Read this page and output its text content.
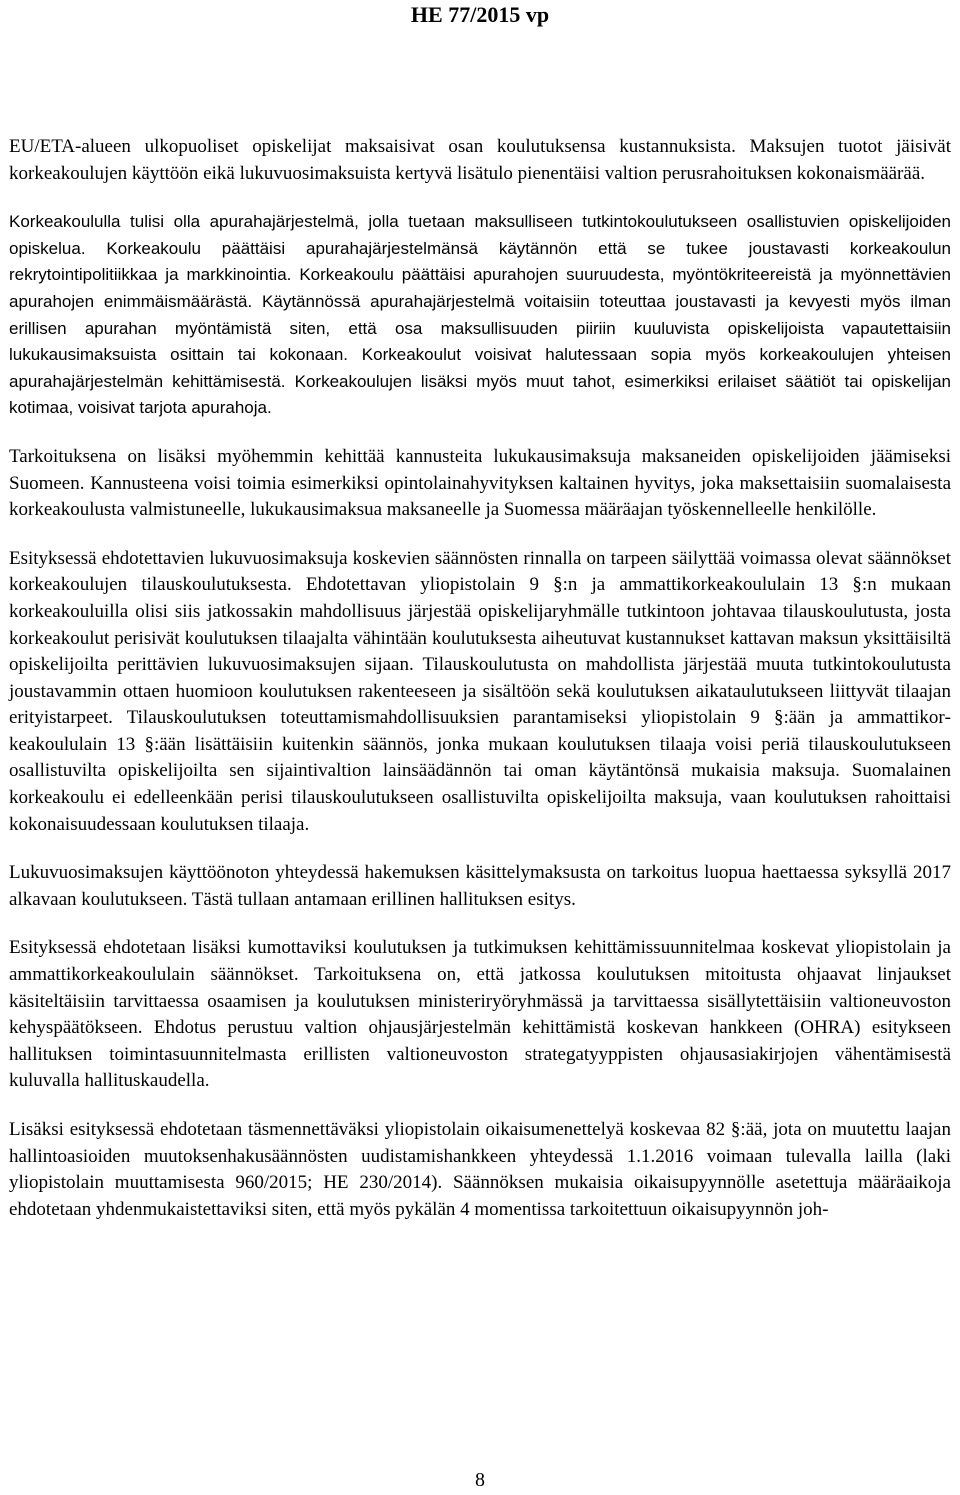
HE 77/2015 vp

EU/ETA-alueen ulkopuoliset opiskelijat maksaisivat osan koulutuksensa kustannuksista. Maksujen tuotot jäisivät korkeakoulujen käyttöön eikä lukuvuosimaksuista kertyvä lisätulo pienentäisi valtion perusrahoituksen kokonaismäärää.

Korkeakoululla tulisi olla apurahajärjestelmä, jolla tuetaan maksulliseen tutkintokoulutukseen osallistuvien opiskelijoiden opiskelua. Korkeakoulu päättäisi apurahajärjestelmänsä käytännön että se tukee joustavasti korkeakoulun rekrytointipolitiikkaa ja markkinointia. Korkeakoulu päättäisi apurahojen suuruudesta, myöntökriteereistä ja myönnettävien apurahojen enimmäismäärästä. Käytännössä apurahajärjestelmä voitaisiin toteuttaa joustavasti ja kevyesti myös ilman erillisen apurahan myöntämistä siten, että osa maksullisuuden piiriin kuuluvista opiskelijoista vapautettaisiin lukukausimaksuista osittain tai kokonaan. Korkeakoulut voisivat halutessaan sopia myös korkeakoulujen yhteisen apurahajärjestelmän kehittämisestä. Korkeakoulujen lisäksi myös muut tahot, esimerkiksi erilaiset säätiöt tai opiskelijan kotimaa, voisivat tarjota apurahoja.

Tarkoituksena on lisäksi myöhemmin kehittää kannusteita lukukausimaksuja maksaneiden opiskelijoiden jäämiseksi Suomeen. Kannusteena voisi toimia esimerkiksi opintolainahyvityksen kaltainen hyvitys, joka maksettaisiin suomalaisesta korkeakoulusta valmistuneelle, lukukausimaksua maksaneelle ja Suomessa määräajan työskennelleelle henkilölle.

Esityksessä ehdotettavien lukuvuosimaksuja koskevien säännösten rinnalla on tarpeen säilyttää voimassa olevat säännökset korkeakoulujen tilauskoulutuksesta. Ehdotettavan yliopistolain 9 §:n ja ammattikorkeakoululain 13 §:n mukaan korkeakouluilla olisi siis jatkossakin mahdollisuus järjestää opiskelijaryhmälle tutkintoon johtavaa tilauskoulutusta, josta korkeakoulut perisivät koulutuksen tilaajalta vähintään koulutuksesta aiheutuvat kustannukset kattavan maksun yksittäisiltä opiskelijoilta perittävien lukuvuosimaksujen sijaan. Tilauskoulutusta on mahdollista järjestää muuta tutkintokoulutusta joustavammin ottaen huomioon koulutuksen rakenteeseen ja sisältöön sekä koulutuksen aikataulutukseen liittyvät tilaajan erityistarpeet. Tilauskoulutuksen toteuttamismahdollisuuksien parantamiseksi yliopistolain 9 §:ään ja ammattikorkeakoululain 13 §:ään lisättäisiin kuitenkin säännös, jonka mukaan koulutuksen tilaaja voisi periä tilauskoulutukseen osallistuvilta opiskelijoilta sen sijaintivaltion lainsäädännön tai oman käytäntönsä mukaisia maksuja. Suomalainen korkeakoulu ei edelleenkään perisi tilauskoulutukseen osallistuvilta opiskelijoilta maksuja, vaan koulutuksen rahoittaisi kokonaisuudessaan koulutuksen tilaaja.

Lukuvuosimaksujen käyttöönoton yhteydessä hakemuksen käsittelymaksusta on tarkoitus luopua haettaessa syksyllä 2017 alkavaan koulutukseen. Tästä tullaan antamaan erillinen hallituksen esitys.

Esityksessä ehdotetaan lisäksi kumottaviksi koulutuksen ja tutkimuksen kehittämissuunnitelmaa koskevat yliopistolain ja ammattikorkeakoululain säännökset. Tarkoituksena on, että jatkossa koulutuksen mitoitusta ohjaavat linjaukset käsiteltäisiin tarvittaessa osaamisen ja koulutuksen ministeriryöryhmässä ja tarvittaessa sisällytettäisiin valtioneuvoston kehyspäätökseen. Ehdotus perustuu valtion ohjausjärjestelmän kehittämistä koskevan hankkeen (OHRA) esitykseen hallituksen toimintasuunnitelmasta erillisten valtioneuvoston strategatyyppisten ohjausasiakirjojen vähentämisestä kuluvalla hallituskaudella.

Lisäksi esityksessä ehdotetaan täsmennettäväksi yliopistolain oikaisumenettelyä koskevaa 82 §:ää, jota on muutettu laajan hallintoasioiden muutoksenhakusäännösten uudistamishankkeen yhteydessä 1.1.2016 voimaan tulevalla lailla (laki yliopistolain muuttamisesta 960/2015; HE 230/2014). Säännöksen mukaisia oikaisupyynnölle asetettuja määräaikoja ehdotetaan yhdenmukaistettaviksi siten, että myös pykälän 4 momentissa tarkoitettuun oikaisupyynnön joh-

8
